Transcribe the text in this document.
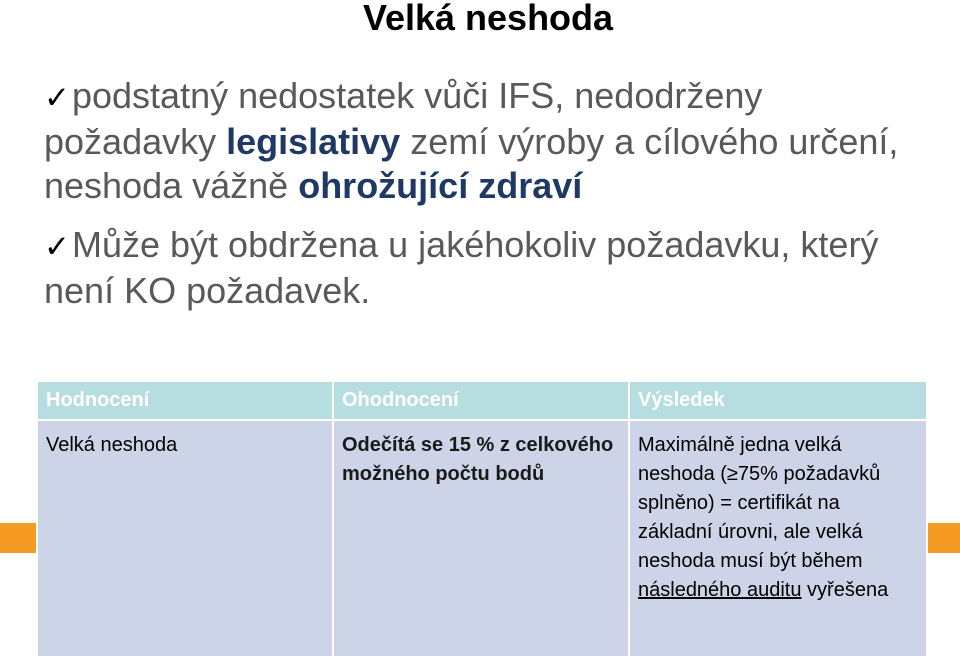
Velká neshoda
✓podstatný nedostatek vůči IFS, nedodrženy požadavky legislativy zemí výroby a cílového určení, neshoda vážně ohrožující zdraví
✓Může být obdržena u jakéhokoliv požadavku, který není KO požadavek.
Hodnocení	Ohodnocení	Výsledek
Velká neshoda	Odečítá se 15 % z celkového možného počtu bodů	Maximálně jedna velká neshoda (≥75% požadavků splněno) = certifikát na základní úrovni, ale velká neshoda musí být během následného auditu vyřešena
